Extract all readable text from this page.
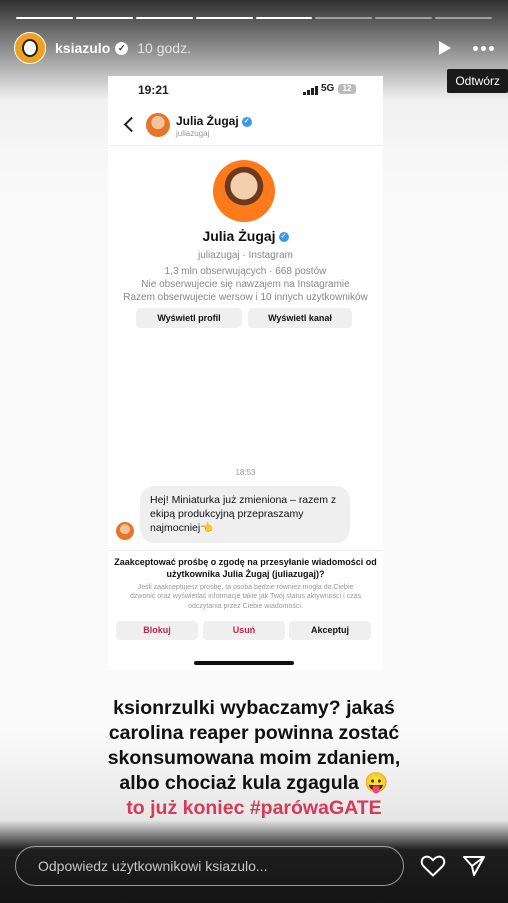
ksiazulo ✓ 10 godz.
Odtwórz
19:21	5G	12
Julia Żugaj ✓
juliazugaj
Julia Żugaj ✓
juliazugaj · Instagram
1,3 mln obserwujących · 668 postów
Nie obserwujecie się nawzajem na Instagramie
Razem obserwujecie wersow i 10 innych użytkowników
Wyświetl profil	Wyświetl kanał
18:53
Hej! Miniaturka już zmieniona – razem z ekipą produkcyjną przepraszamy najmocniej👈
Zaakceptować prośbę o zgodę na przesyłanie wiadomości od użytkownika Julia Żugaj (juliazugaj)?
Jeśli zaakceptujesz prośbę, ta osoba będzie również mogła do Ciebie dzwonić oraz wyświetlać informacje takie jak Twój status aktywności i czas odczytania przez Ciebie wiadomości.
Blokuj	Usuń	Akceptuj
ksionrzulki wybaczamy? jakaś
carolina reaper powinna zostać
skonsumowana moim zdaniem,
albo chociaż kula zgagula 😛
to już koniec #parówaGATE
Odpowiedz użytkownikowi ksiazulo...
